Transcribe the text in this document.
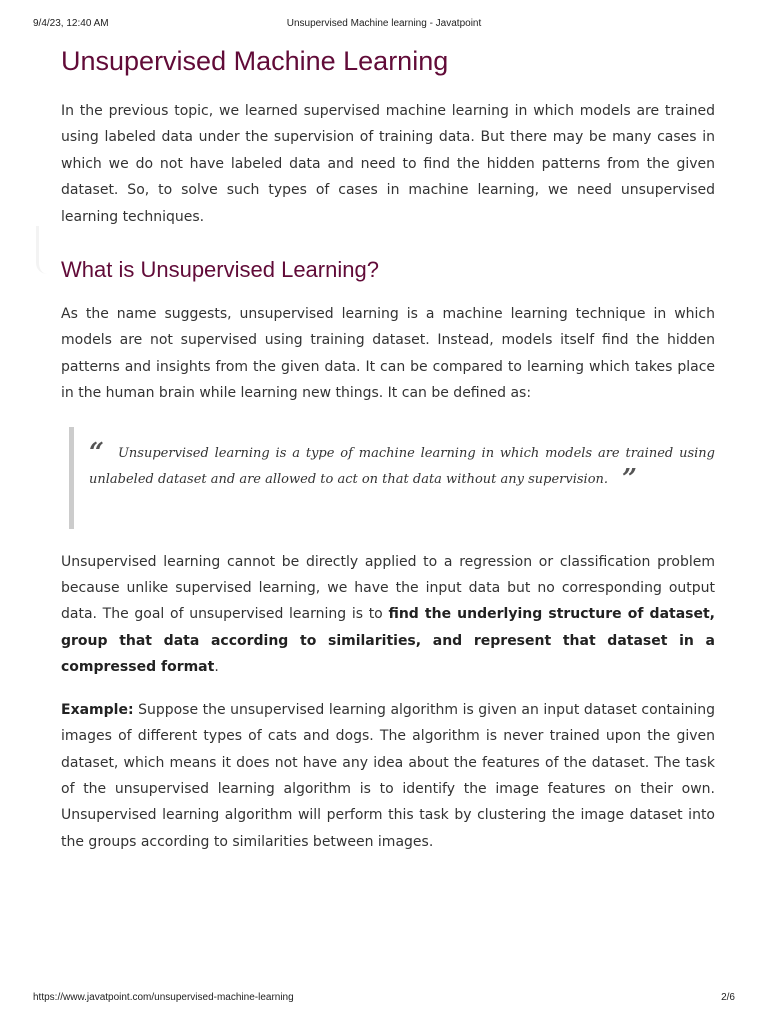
9/4/23, 12:40 AM	Unsupervised Machine learning - Javatpoint
Unsupervised Machine Learning

In the previous topic, we learned supervised machine learning in which models are trained using labeled data under the supervision of training data. But there may be many cases in which we do not have labeled data and need to find the hidden patterns from the given dataset. So, to solve such types of cases in machine learning, we need unsupervised learning techniques.

What is Unsupervised Learning?

As the name suggests, unsupervised learning is a machine learning technique in which models are not supervised using training dataset. Instead, models itself find the hidden patterns and insights from the given data. It can be compared to learning which takes place in the human brain while learning new things. It can be defined as:

“ Unsupervised learning is a type of machine learning in which models are trained using unlabeled dataset and are allowed to act on that data without any supervision. ”

Unsupervised learning cannot be directly applied to a regression or classification problem because unlike supervised learning, we have the input data but no corresponding output data. The goal of unsupervised learning is to find the underlying structure of dataset, group that data according to similarities, and represent that dataset in a compressed format.

Example: Suppose the unsupervised learning algorithm is given an input dataset containing images of different types of cats and dogs. The algorithm is never trained upon the given dataset, which means it does not have any idea about the features of the dataset. The task of the unsupervised learning algorithm is to identify the image features on their own. Unsupervised learning algorithm will perform this task by clustering the image dataset into the groups according to similarities between images.

https://www.javatpoint.com/unsupervised-machine-learning	2/6
